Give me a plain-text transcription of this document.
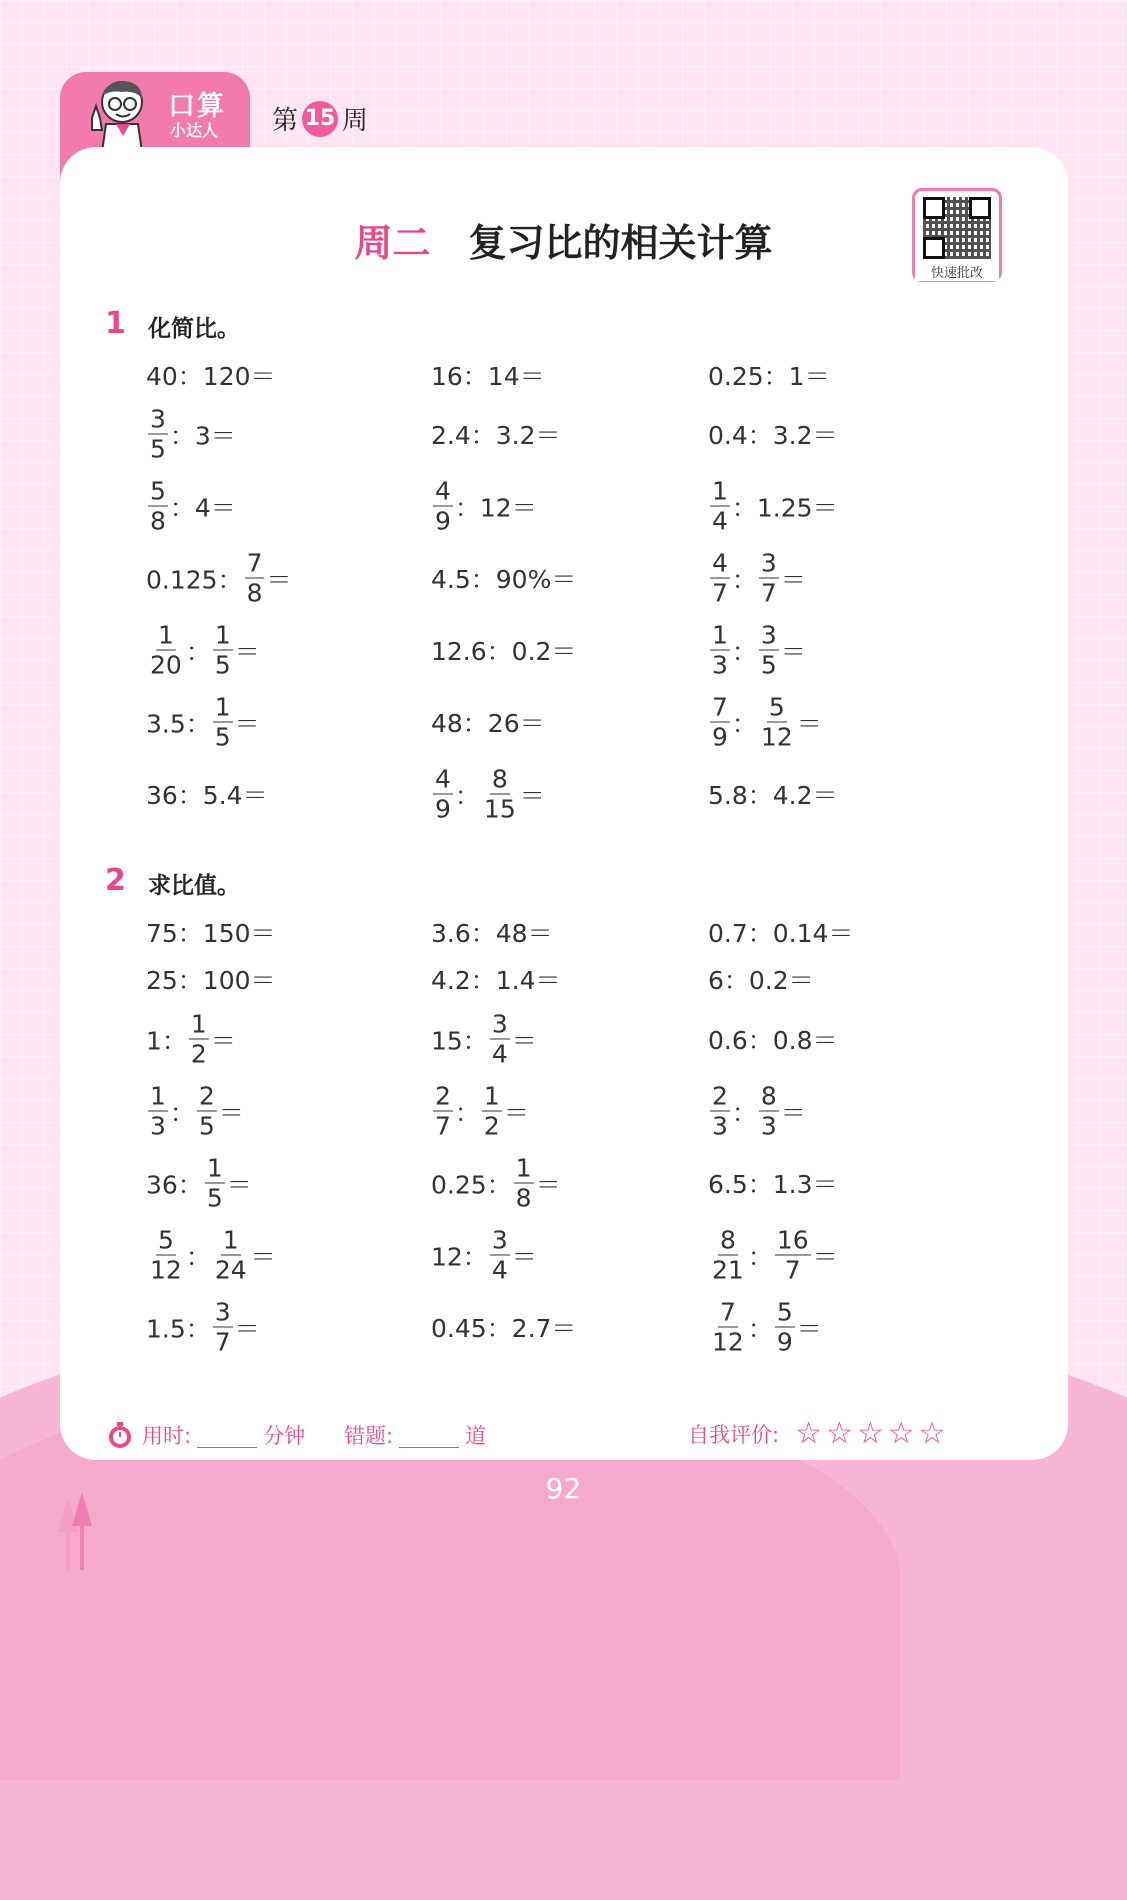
口算
小达人 第 15 周
周二 复习比的相关计算
快速批改
1 化简比。
2 求比值。
40：120＝	16：14＝	0.25：1＝
$\frac{3}{5}$ ：3＝	2.4：3.2＝	0.4：3.2＝
$\frac{5}{8}$ ：4＝	$\frac{4}{9}$ ：12＝	$\frac{1}{4}$ ：1.25＝
0.125： $\frac{7}{8}$ ＝	4.5：90%＝	$\frac{4}{7}$ ： $\frac{3}{7}$ ＝
$\frac{1}{20}$ ： $\frac{1}{5}$ ＝	12.6：0.2＝	$\frac{1}{3}$ ： $\frac{3}{5}$ ＝
3.5： $\frac{1}{5}$ ＝	48：26＝	$\frac{7}{9}$ ： $\frac{5}{12}$ ＝
36：5.4＝	$\frac{4}{9}$ ： $\frac{8}{15}$ ＝	5.8：4.2＝
75：150＝	3.6：48＝	0.7：0.14＝
25：100＝	4.2：1.4＝	6：0.2＝
1： $\frac{1}{2}$ ＝	15： $\frac{3}{4}$ ＝	0.6：0.8＝
$\frac{1}{3}$ ： $\frac{2}{5}$ ＝	$\frac{2}{7}$ ： $\frac{1}{2}$ ＝	$\frac{2}{3}$ ： $\frac{8}{3}$ ＝
36： $\frac{1}{5}$ ＝	0.25： $\frac{1}{8}$ ＝	6.5：1.3＝
$\frac{5}{12}$ ： $\frac{1}{24}$ ＝	12： $\frac{3}{4}$ ＝	$\frac{8}{21}$ ： $\frac{16}{7}$ ＝
1.5： $\frac{3}{7}$ ＝	0.45：2.7＝	$\frac{7}{12}$ ： $\frac{5}{9}$ ＝
用时:	分钟 错题:	道	自我评价: ☆☆☆☆☆
92
